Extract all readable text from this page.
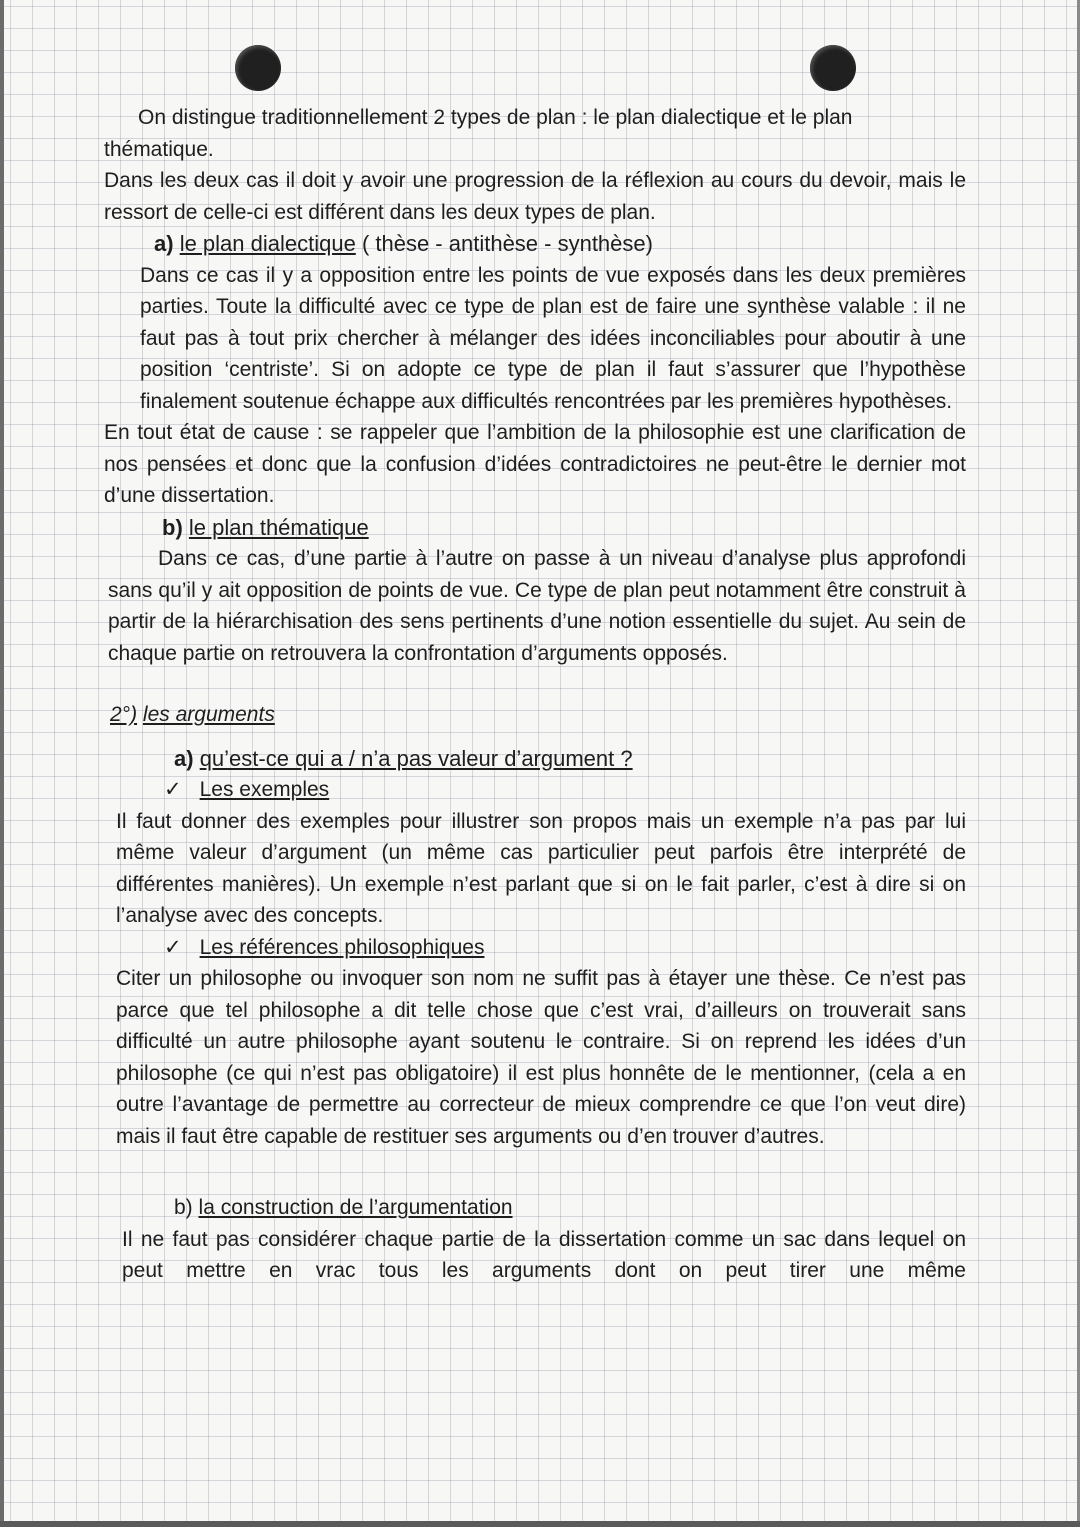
On distingue traditionnellement 2 types de plan : le plan dialectique et le plan thématique.

Dans les deux cas il doit y avoir une progression de la réflexion au cours du devoir, mais le ressort de celle-ci est différent dans les deux types de plan.

a) le plan dialectique ( thèse - antithèse - synthèse)

Dans ce cas il y a opposition entre les points de vue exposés dans les deux premières parties. Toute la difficulté avec ce type de plan est de faire une synthèse valable : il ne faut pas à tout prix chercher à mélanger des idées inconciliables pour aboutir à une position ‘centriste’. Si on adopte ce type de plan il faut s’assurer que l’hypothèse finalement soutenue échappe aux difficultés rencontrées par les premières hypothèses.

En tout état de cause : se rappeler que l’ambition de la philosophie est une clarification de nos pensées et donc que la confusion d’idées contradictoires ne peut-être le dernier mot d’une dissertation.

b) le plan thématique

Dans ce cas, d’une partie à l’autre on passe à un niveau d’analyse plus approfondi sans qu’il y ait opposition de points de vue. Ce type de plan peut notamment être construit à partir de la hiérarchisation des sens pertinents d’une notion essentielle du sujet. Au sein de chaque partie on retrouvera la confrontation d’arguments opposés.

2°) les arguments

a) qu’est-ce qui a / n’a pas valeur d’argument ?

✓ Les exemples

Il faut donner des exemples pour illustrer son propos mais un exemple n’a pas par lui même valeur d’argument (un même cas particulier peut parfois être interprété de différentes manières). Un exemple n’est parlant que si on le fait parler, c’est à dire si on l’analyse avec des concepts.

✓ Les références philosophiques

Citer un philosophe ou invoquer son nom ne suffit pas à étayer une thèse. Ce n’est pas parce que tel philosophe a dit telle chose que c’est vrai, d’ailleurs on trouverait sans difficulté un autre philosophe ayant soutenu le contraire. Si on reprend les idées d’un philosophe (ce qui n’est pas obligatoire) il est plus honnête de le mentionner, (cela a en outre l’avantage de permettre au correcteur de mieux comprendre ce que l’on veut dire) mais il faut être capable de restituer ses arguments ou d’en trouver d’autres.

b) la construction de l’argumentation

Il ne faut pas considérer chaque partie de la dissertation comme un sac dans lequel on peut mettre en vrac tous les arguments dont on peut tirer une même
